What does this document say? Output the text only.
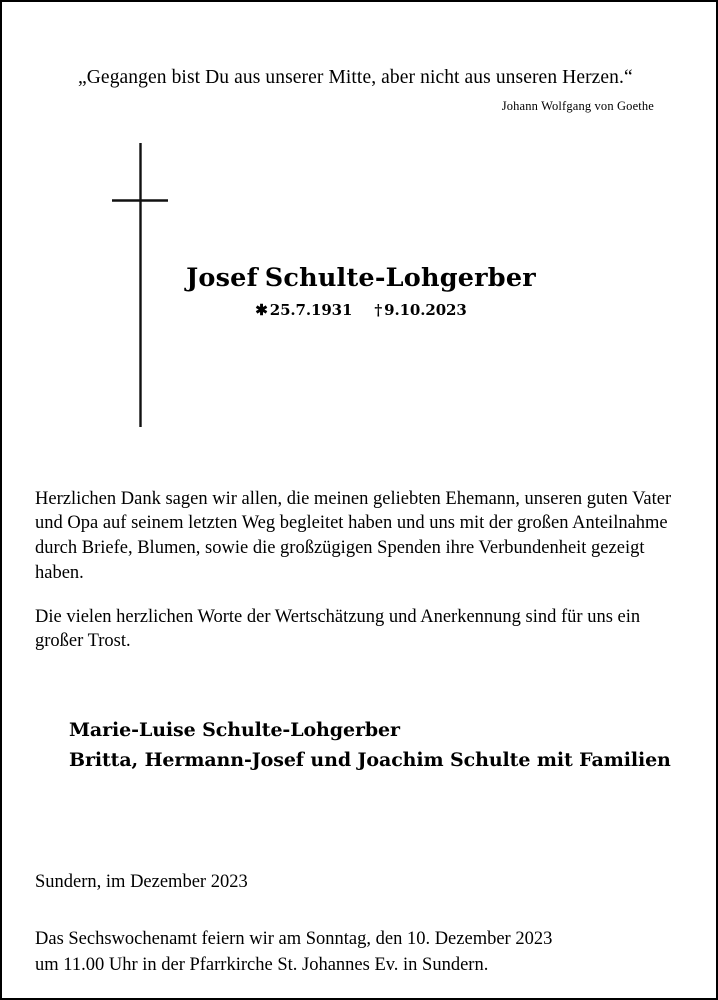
„Gegangen bist Du aus unserer Mitte, aber nicht aus unseren Herzen.“
Johann Wolfgang von Goethe
Josef Schulte-Lohgerber
✱ 25.7.1931 † 9.10.2023

Herzlichen Dank sagen wir allen, die meinen geliebten Ehemann, unseren guten Vater und Opa auf seinem letzten Weg begleitet haben und uns mit der großen Anteilnahme durch Briefe, Blumen, sowie die großzügigen Spenden ihre Verbundenheit gezeigt haben.

Die vielen herzlichen Worte der Wertschätzung und Anerkennung sind für uns ein großer Trost.

Marie-Luise Schulte-Lohgerber
Britta, Hermann-Josef und Joachim Schulte mit Familien
Sundern, im Dezember 2023
Das Sechswochenamt feiern wir am Sonntag, den 10. Dezember 2023
um 11.00 Uhr in der Pfarrkirche St. Johannes Ev. in Sundern.
